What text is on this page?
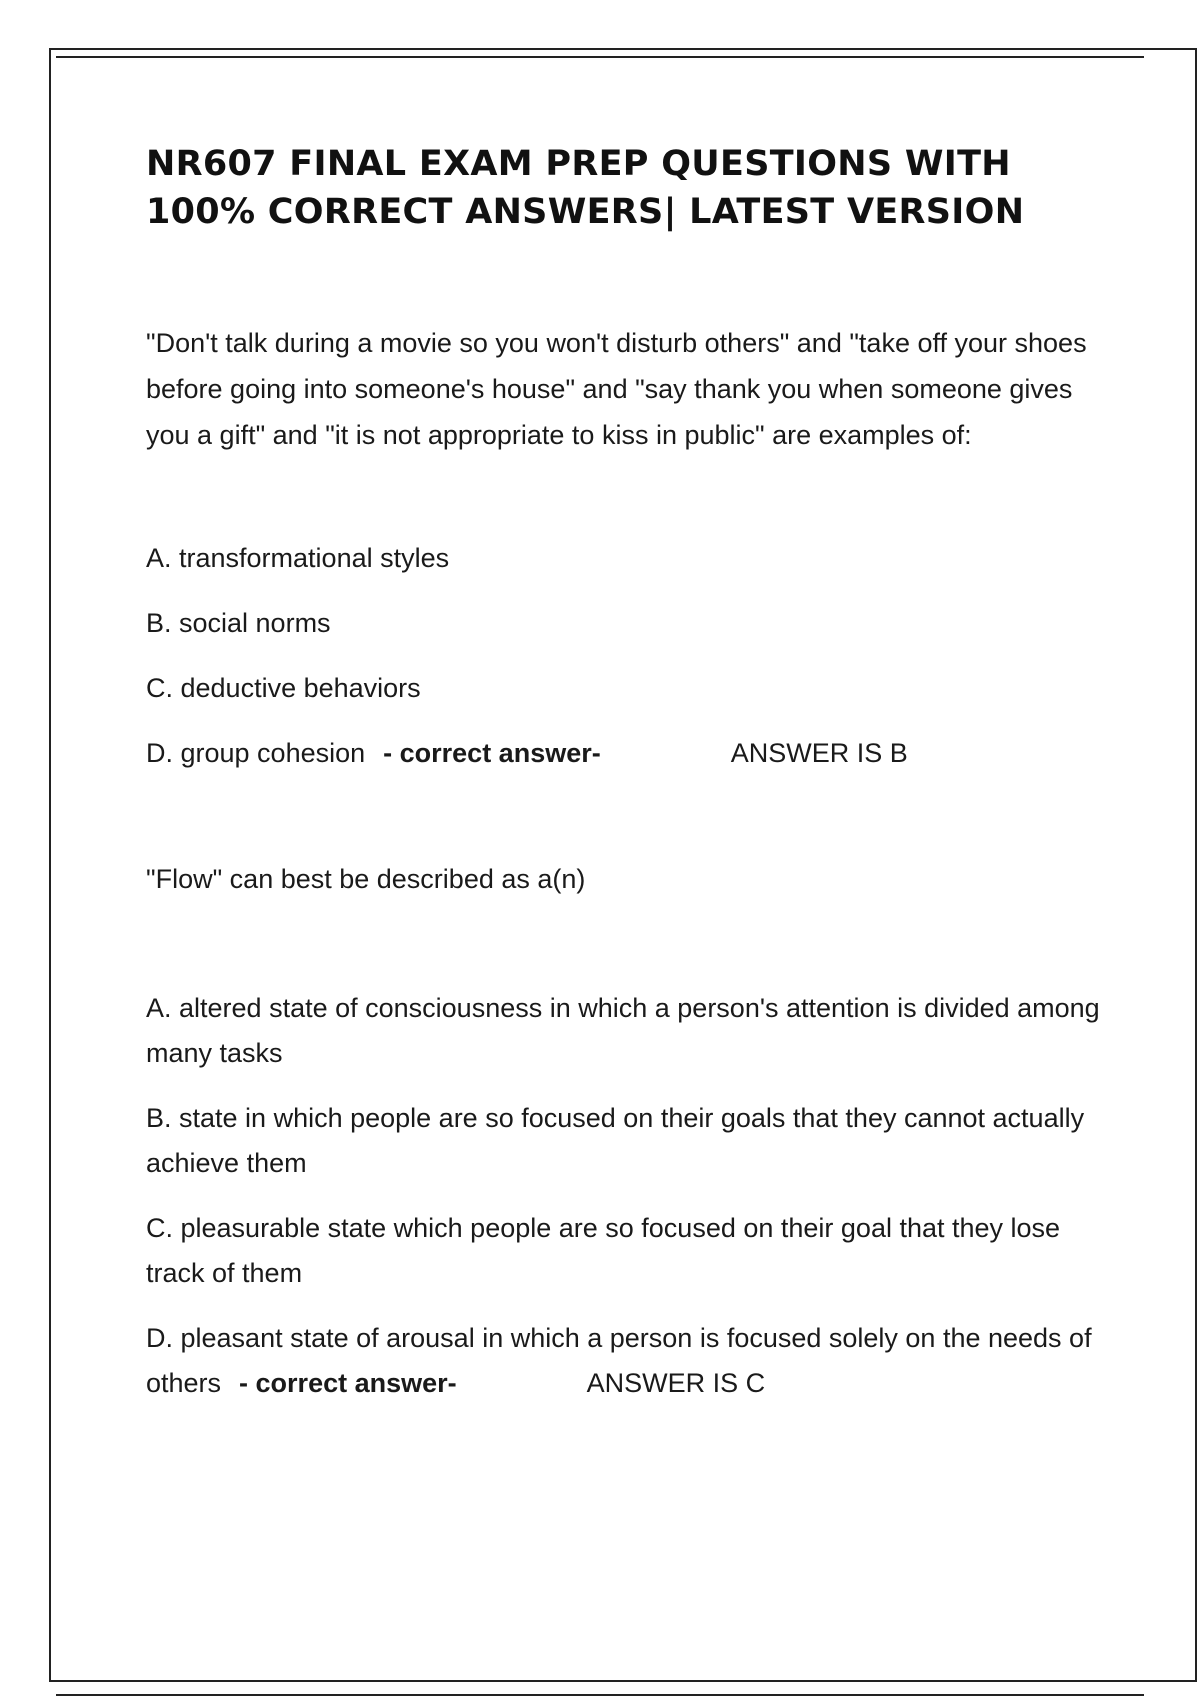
NR607 FINAL EXAM PREP QUESTIONS WITH 100% CORRECT ANSWERS| LATEST VERSION

"Don't talk during a movie so you won't disturb others" and "take off your shoes before going into someone's house" and "say thank you when someone gives you a gift" and "it is not appropriate to kiss in public" are examples of:

A. transformational styles

B. social norms

C. deductive behaviors

D. group cohesion - correct answer-	ANSWER IS B

"Flow" can best be described as a(n)

A. altered state of consciousness in which a person's attention is divided among many tasks

B. state in which people are so focused on their goals that they cannot actually achieve them

C. pleasurable state which people are so focused on their goal that they lose track of them

D. pleasant state of arousal in which a person is focused solely on the needs of others - correct answer-	ANSWER IS C
